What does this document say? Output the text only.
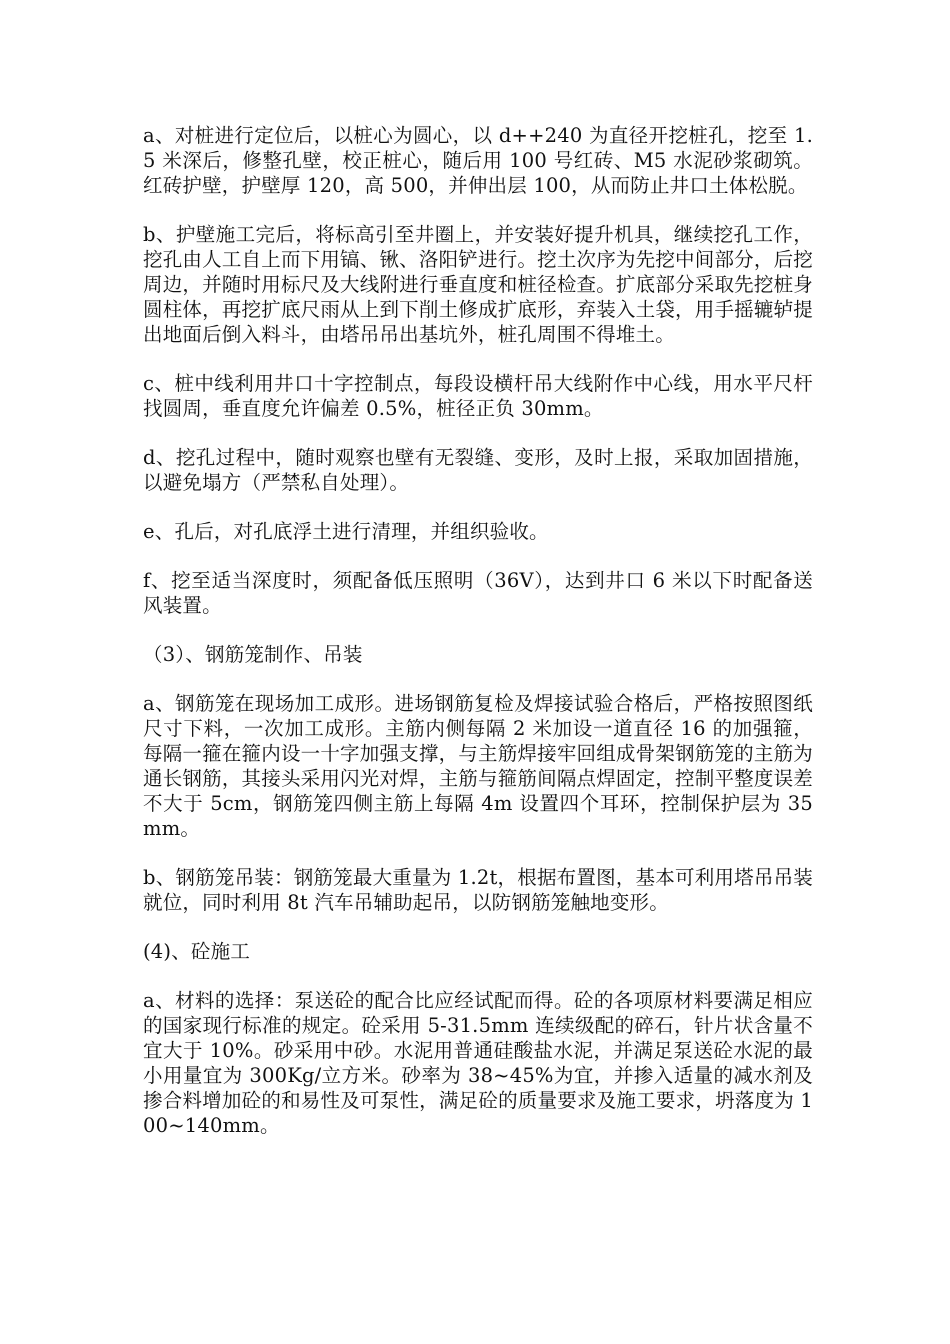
a、对桩进行定位后，以桩心为圆心，以 d++240 为直径开挖桩孔，挖至 1.5 米深后，修整孔壁，校正桩心，随后用 100 号红砖、M5 水泥砂浆砌筑。红砖护壁，护壁厚 120，高 500，并伸出层 100，从而防止井口土体松脱。

b、护壁施工完后，将标高引至井圈上，并安装好提升机具，继续挖孔工作，挖孔由人工自上而下用镐、锹、洛阳铲进行。挖土次序为先挖中间部分，后挖周边，并随时用标尺及大线附进行垂直度和桩径检查。扩底部分采取先挖桩身圆柱体，再挖扩底尺雨从上到下削土修成扩底形，弃装入土袋，用手摇辘轳提出地面后倒入料斗，由塔吊吊出基坑外，桩孔周围不得堆土。

c、桩中线利用井口十字控制点，每段设横杆吊大线附作中心线，用水平尺杆找圆周，垂直度允许偏差 0.5%，桩径正负 30mm。

d、挖孔过程中，随时观察也壁有无裂缝、变形，及时上报，采取加固措施，以避免塌方（严禁私自处理）。

e、孔后，对孔底浮土进行清理，并组织验收。

f、挖至适当深度时，须配备低压照明（36V），达到井口 6 米以下时配备送风装置。

（3）、钢筋笼制作、吊装

a、钢筋笼在现场加工成形。进场钢筋复检及焊接试验合格后，严格按照图纸尺寸下料，一次加工成形。主筋内侧每隔 2 米加设一道直径 16 的加强箍，每隔一箍在箍内设一十字加强支撑，与主筋焊接牢回组成骨架钢筋笼的主筋为通长钢筋，其接头采用闪光对焊，主筋与箍筋间隔点焊固定，控制平整度误差不大于 5cm，钢筋笼四侧主筋上每隔 4m 设置四个耳环，控制保护层为 35mm。

b、钢筋笼吊装：钢筋笼最大重量为 1.2t，根据布置图，基本可利用塔吊吊装就位，同时利用 8t 汽车吊辅助起吊，以防钢筋笼触地变形。

(4)、砼施工

a、材料的选择：泵送砼的配合比应经试配而得。砼的各项原材料要满足相应的国家现行标准的规定。砼采用 5-31.5mm 连续级配的碎石，针片状含量不宜大于 10%。砂采用中砂。水泥用普通硅酸盐水泥，并满足泵送砼水泥的最小用量宜为 300Kg/立方米。砂率为 38~45%为宜，并掺入适量的减水剂及掺合料增加砼的和易性及可泵性，满足砼的质量要求及施工要求，坍落度为 100~140mm。
